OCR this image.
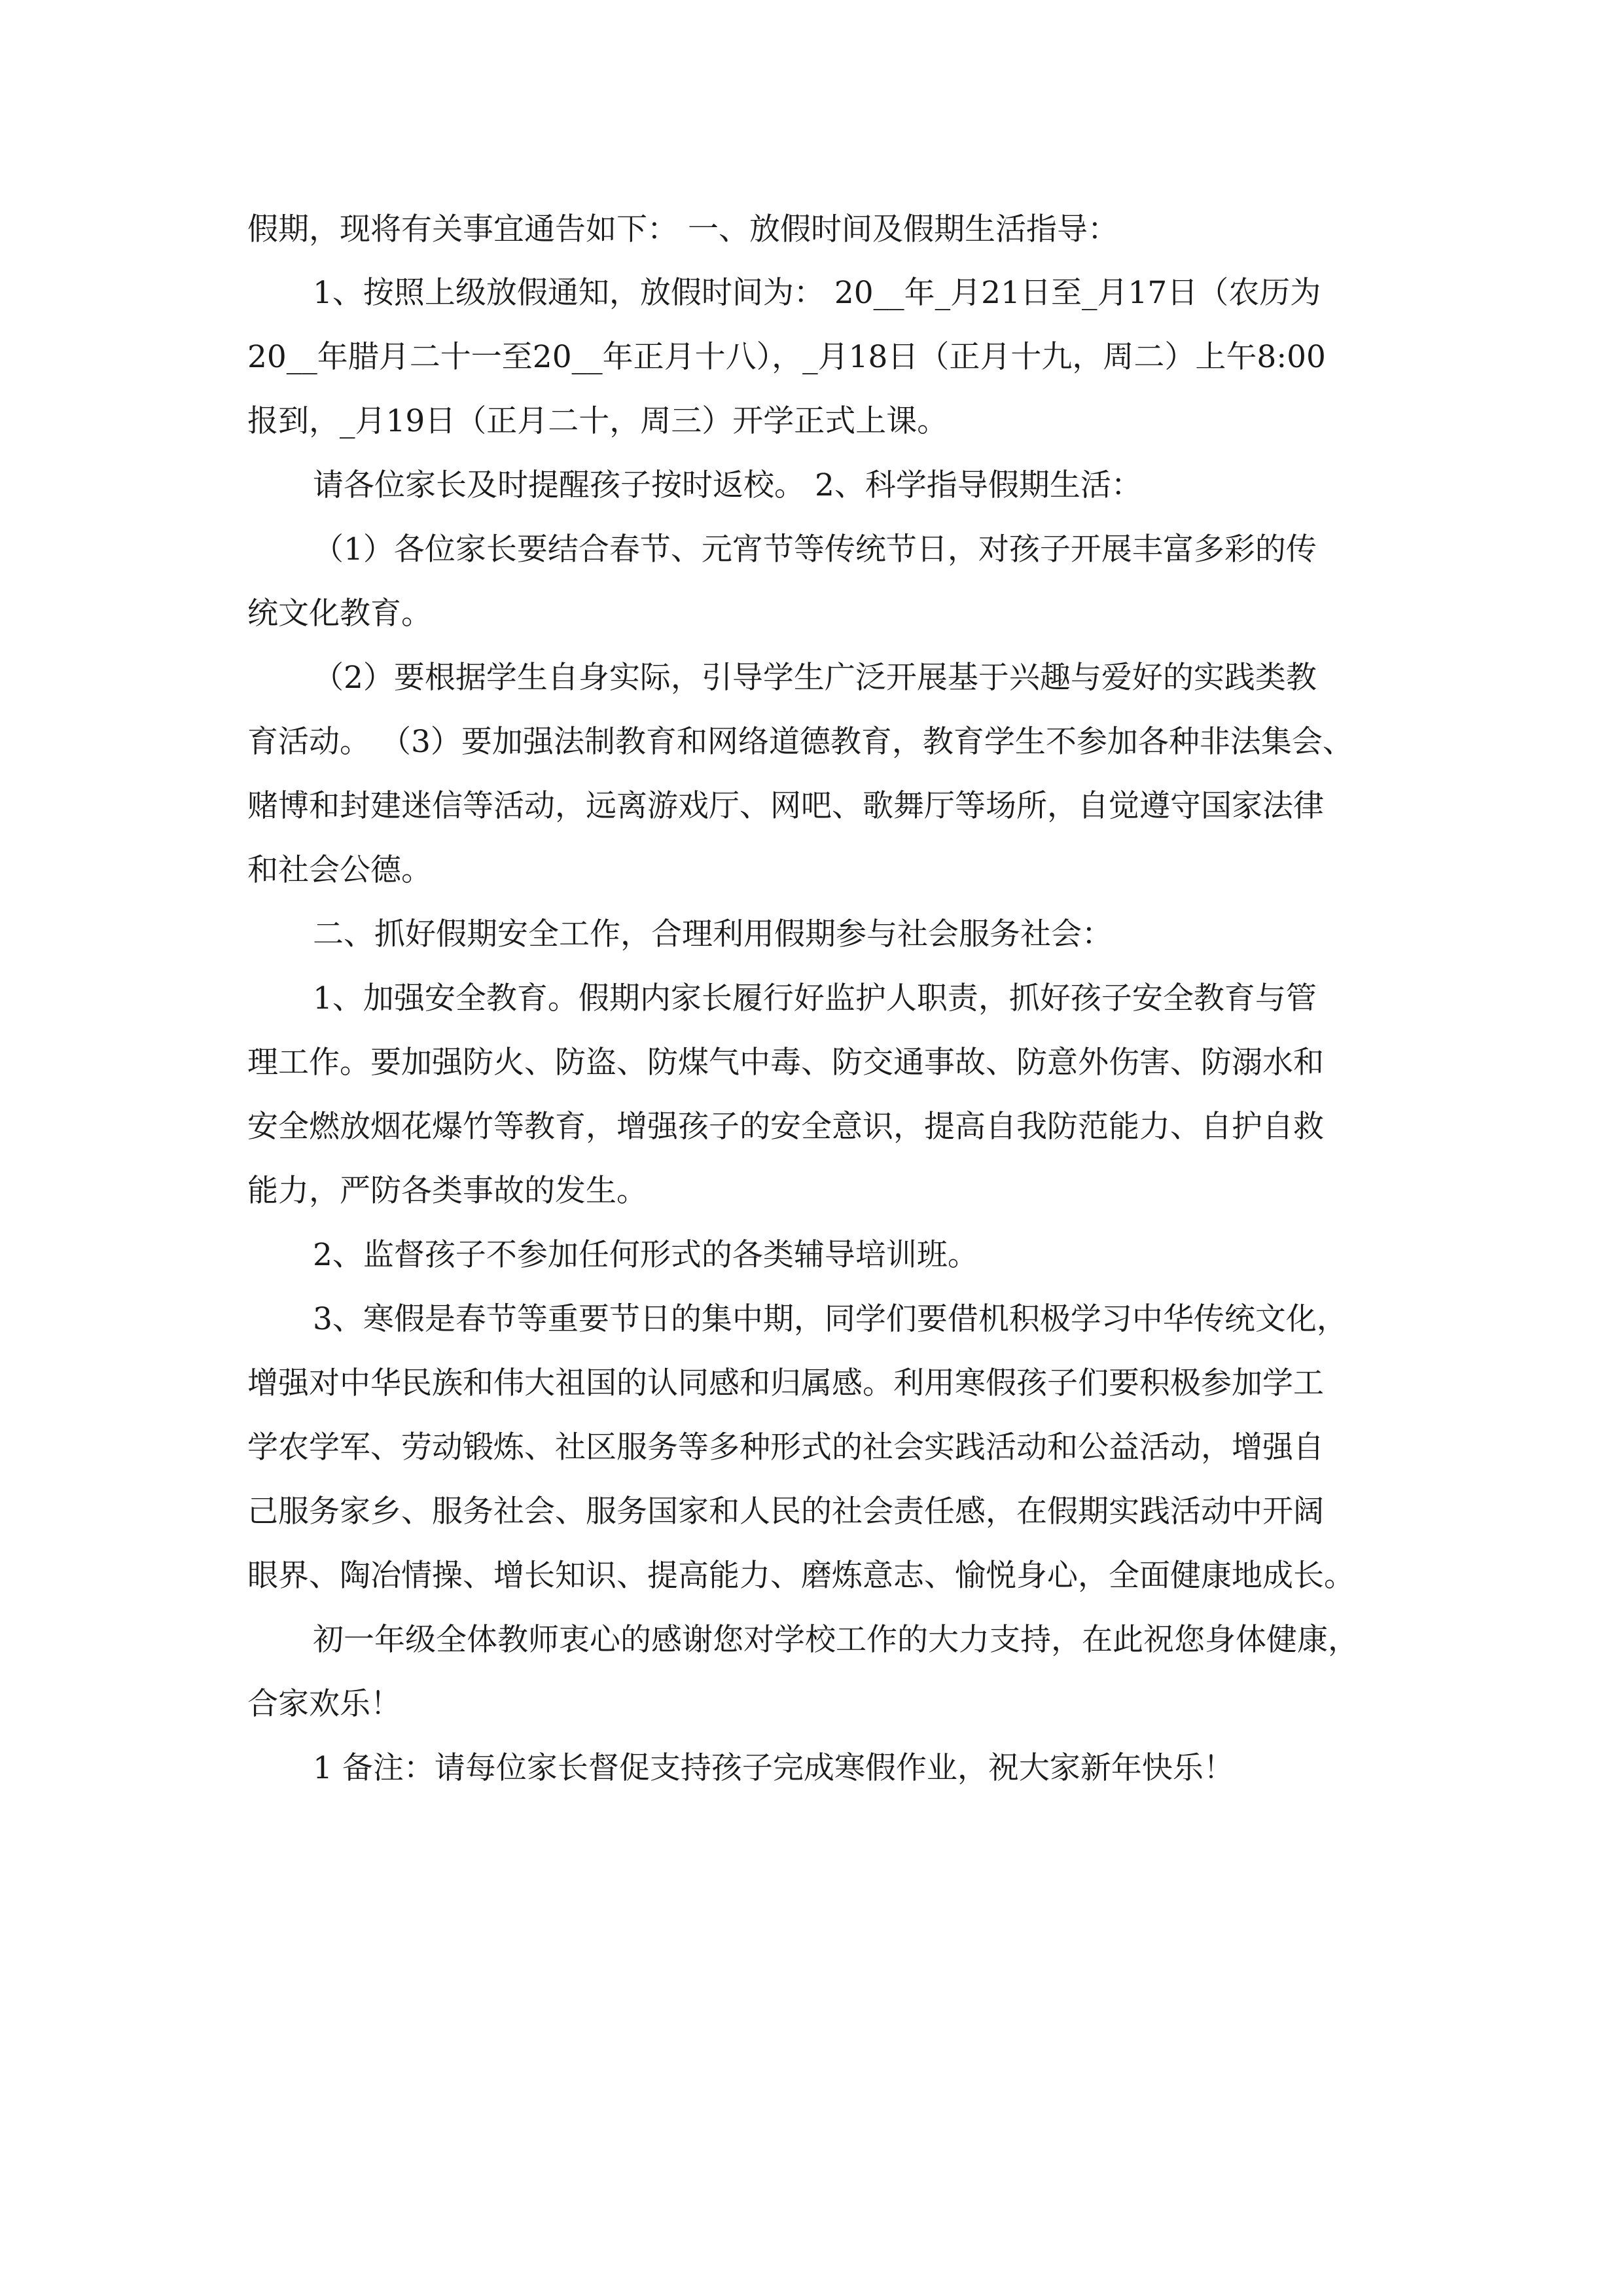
假期，现将有关事宜通告如下： 一、放假时间及假期生活指导：
1、按照上级放假通知，放假时间为： 20__年_月21日至_月17日（农历为
20__年腊月二十一至20__年正月十八），_月18日（正月十九，周二）上午8:00
报到，_月19日（正月二十，周三）开学正式上课。
请各位家长及时提醒孩子按时返校。 2、科学指导假期生活：
（1）各位家长要结合春节、元宵节等传统节日，对孩子开展丰富多彩的传
统文化教育。
（2）要根据学生自身实际，引导学生广泛开展基于兴趣与爱好的实践类教
育活动。 （3）要加强法制教育和网络道德教育，教育学生不参加各种非法集会、
赌博和封建迷信等活动，远离游戏厅、网吧、歌舞厅等场所，自觉遵守国家法律
和社会公德。
二、抓好假期安全工作，合理利用假期参与社会服务社会：
1、加强安全教育。假期内家长履行好监护人职责，抓好孩子安全教育与管
理工作。要加强防火、防盗、防煤气中毒、防交通事故、防意外伤害、防溺水和
安全燃放烟花爆竹等教育，增强孩子的安全意识，提高自我防范能力、自护自救
能力，严防各类事故的发生。
2、监督孩子不参加任何形式的各类辅导培训班。
3、寒假是春节等重要节日的集中期，同学们要借机积极学习中华传统文化，
增强对中华民族和伟大祖国的认同感和归属感。利用寒假孩子们要积极参加学工
学农学军、劳动锻炼、社区服务等多种形式的社会实践活动和公益活动，增强自
己服务家乡、服务社会、服务国家和人民的社会责任感，在假期实践活动中开阔
眼界、陶冶情操、增长知识、提高能力、磨炼意志、愉悦身心，全面健康地成长。
初一年级全体教师衷心的感谢您对学校工作的大力支持，在此祝您身体健康，
合家欢乐！
1 备注：请每位家长督促支持孩子完成寒假作业，祝大家新年快乐！
